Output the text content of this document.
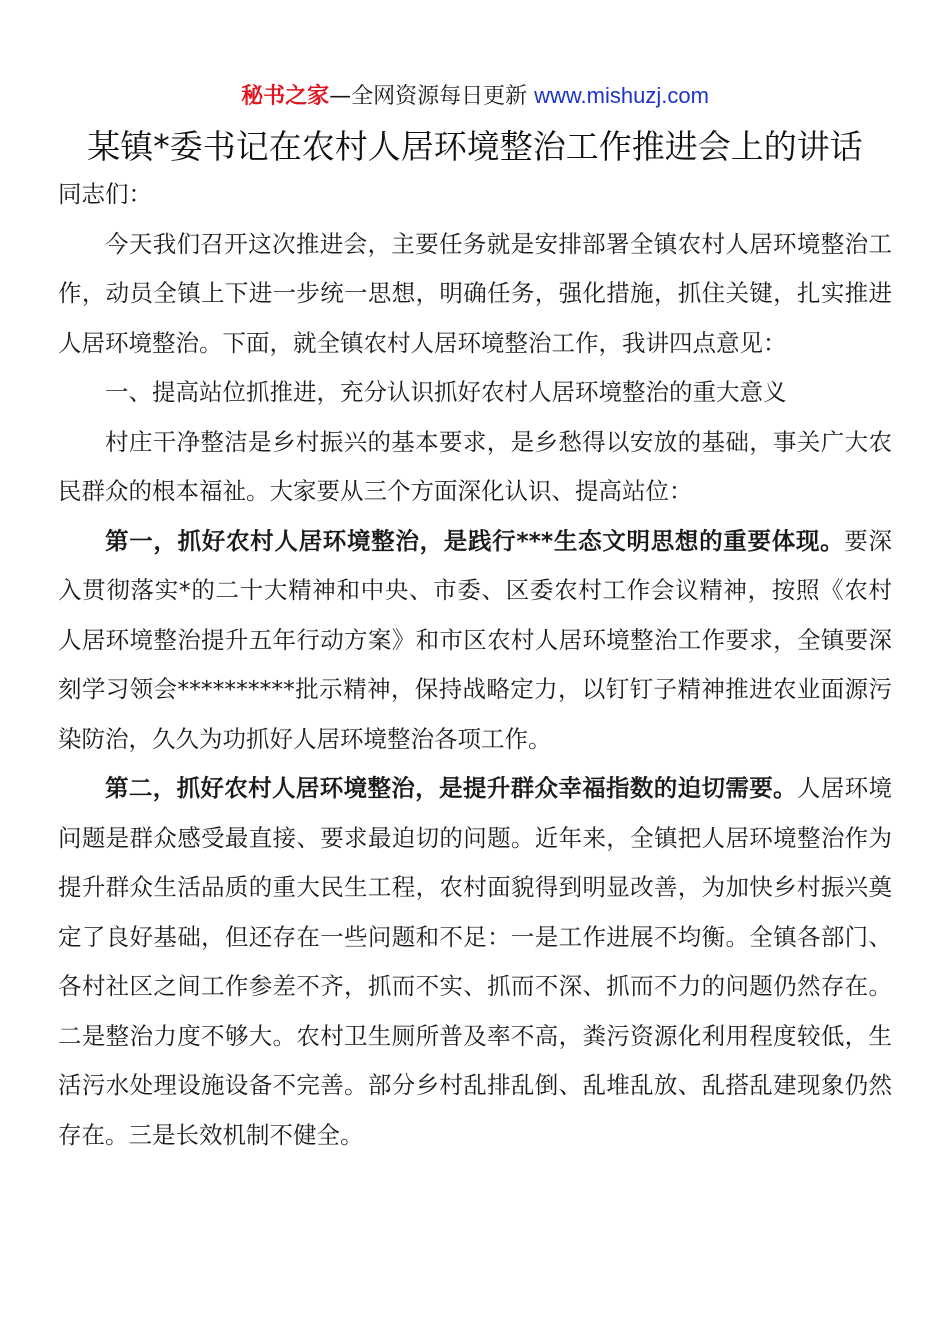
秘书之家—全网资源每日更新 www.mishuzj.com
某镇*委书记在农村人居环境整治工作推进会上的讲话

同志们：

今天我们召开这次推进会，主要任务就是安排部署全镇农村人居环境整治工作，动员全镇上下进一步统一思想，明确任务，强化措施，抓住关键，扎实推进人居环境整治。下面，就全镇农村人居环境整治工作，我讲四点意见：

一、提高站位抓推进，充分认识抓好农村人居环境整治的重大意义

村庄干净整洁是乡村振兴的基本要求，是乡愁得以安放的基础，事关广大农民群众的根本福祉。大家要从三个方面深化认识、提高站位：

第一，抓好农村人居环境整治，是践行***生态文明思想的重要体现。要深入贯彻落实*的二十大精神和中央、市委、区委农村工作会议精神，按照《农村人居环境整治提升五年行动方案》和市区农村人居环境整治工作要求，全镇要深刻学习领会**********批示精神，保持战略定力，以钉钉子精神推进农业面源污染防治，久久为功抓好人居环境整治各项工作。

第二，抓好农村人居环境整治，是提升群众幸福指数的迫切需要。人居环境问题是群众感受最直接、要求最迫切的问题。近年来，全镇把人居环境整治作为提升群众生活品质的重大民生工程，农村面貌得到明显改善，为加快乡村振兴奠定了良好基础，但还存在一些问题和不足：一是工作进展不均衡。全镇各部门、各村社区之间工作参差不齐，抓而不实、抓而不深、抓而不力的问题仍然存在。二是整治力度不够大。农村卫生厕所普及率不高，粪污资源化利用程度较低，生活污水处理设施设备不完善。部分乡村乱排乱倒、乱堆乱放、乱搭乱建现象仍然存在。三是长效机制不健全。
